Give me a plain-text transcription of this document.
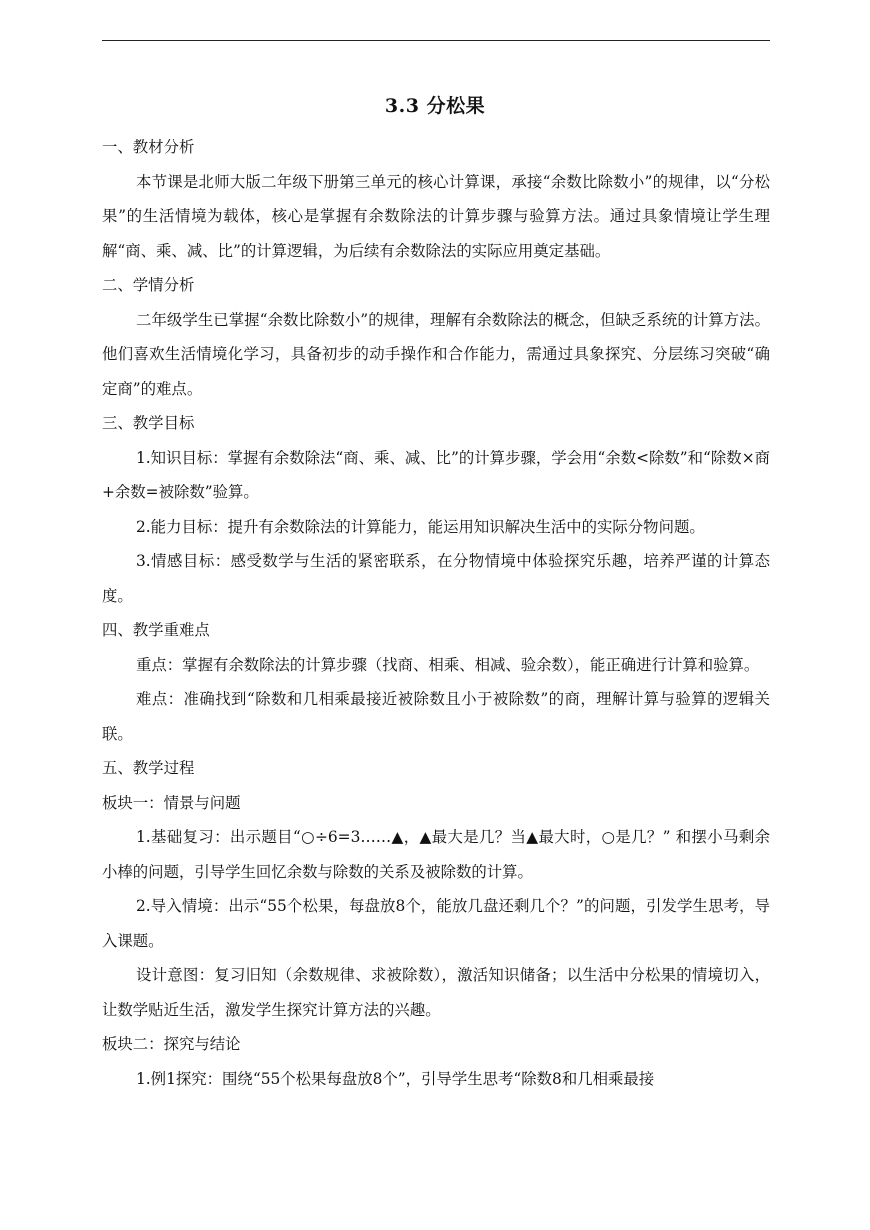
3.3 分松果

一、教材分析

本节课是北师大版二年级下册第三单元的核心计算课，承接“余数比除数小”的规律，以“分松果”的生活情境为载体，核心是掌握有余数除法的计算步骤与验算方法。通过具象情境让学生理解“商、乘、减、比”的计算逻辑，为后续有余数除法的实际应用奠定基础。

二、学情分析

二年级学生已掌握“余数比除数小”的规律，理解有余数除法的概念，但缺乏系统的计算方法。他们喜欢生活情境化学习，具备初步的动手操作和合作能力，需通过具象探究、分层练习突破“确定商”的难点。

三、教学目标

1.知识目标：掌握有余数除法“商、乘、减、比”的计算步骤，学会用“余数<除数”和“除数×商+余数=被除数”验算。

2.能力目标：提升有余数除法的计算能力，能运用知识解决生活中的实际分物问题。

3.情感目标：感受数学与生活的紧密联系，在分物情境中体验探究乐趣，培养严谨的计算态度。

四、教学重难点

重点：掌握有余数除法的计算步骤（找商、相乘、相减、验余数），能正确进行计算和验算。

难点：准确找到“除数和几相乘最接近被除数且小于被除数”的商，理解计算与验算的逻辑关联。

五、教学过程

板块一：情景与问题

1.基础复习：出示题目“○÷6=3……▲，▲最大是几？当▲最大时，○是几？” 和摆小马剩余小棒的问题，引导学生回忆余数与除数的关系及被除数的计算。

2.导入情境：出示“55个松果，每盘放8个，能放几盘还剩几个？”的问题，引发学生思考，导入课题。

设计意图：复习旧知（余数规律、求被除数），激活知识储备；以生活中分松果的情境切入，让数学贴近生活，激发学生探究计算方法的兴趣。

板块二：探究与结论

1.例1探究：围绕“55个松果每盘放8个”，引导学生思考“除数8和几相乘最接
